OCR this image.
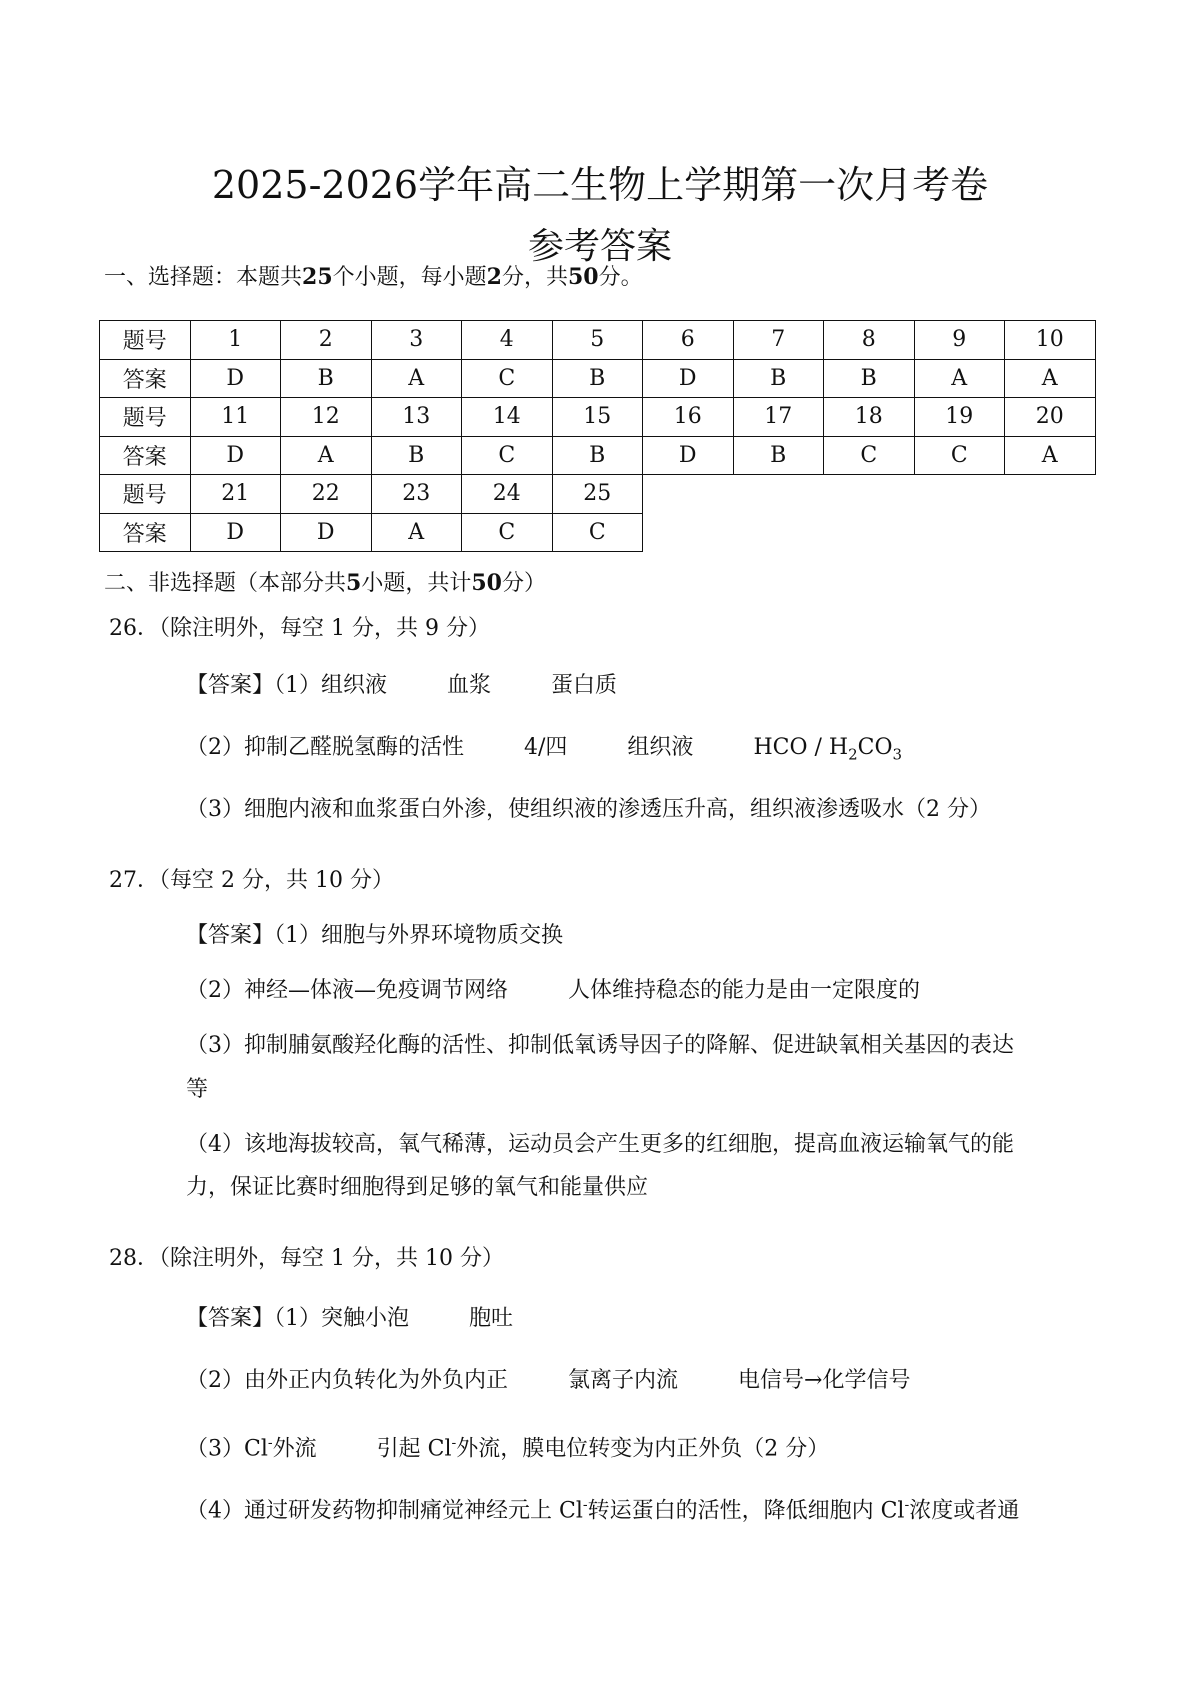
2025-2026学年高二生物上学期第一次月考卷
参考答案
一、选择题：本题共25个小题，每小题2分，共50分。
题号	1	2	3	4	5	6	7	8	9	10
答案	D	B	A	C	B	D	B	B	A	A
题号	11	12	13	14	15	16	17	18	19	20
答案	D	A	B	C	B	D	B	C	C	A
题号	21	22	23	24	25					
答案	D	D	A	C	C					
二、非选择题（本部分共5小题，共计50分）
26．（除注明外，每空 1 分，共 9 分）
【答案】（1）组织液	血浆	蛋白质
（2）抑制乙醛脱氢酶的活性	4/四	组织液	HCO / $H_2CO_3$
（3）细胞内液和血浆蛋白外渗，使组织液的渗透压升高，组织液渗透吸水（2 分）
27．（每空 2 分，共 10 分）
【答案】（1）细胞与外界环境物质交换
（2）神经—体液—免疫调节网络	人体维持稳态的能力是由一定限度的
（3）抑制脯氨酸羟化酶的活性、抑制低氧诱导因子的降解、促进缺氧相关基因的表达
等
（4）该地海拔较高，氧气稀薄，运动员会产生更多的红细胞，提高血液运输氧气的能
力，保证比赛时细胞得到足够的氧气和能量供应
28．（除注明外，每空 1 分，共 10 分）
【答案】（1）突触小泡	胞吐
（2）由外正内负转化为外负内正	氯离子内流	电信号→化学信号
（3）Cl-外流	引起 Cl-外流，膜电位转变为内正外负（2 分）
（4）通过研发药物抑制痛觉神经元上 Cl-转运蛋白的活性，降低细胞内 Cl-浓度或者通
